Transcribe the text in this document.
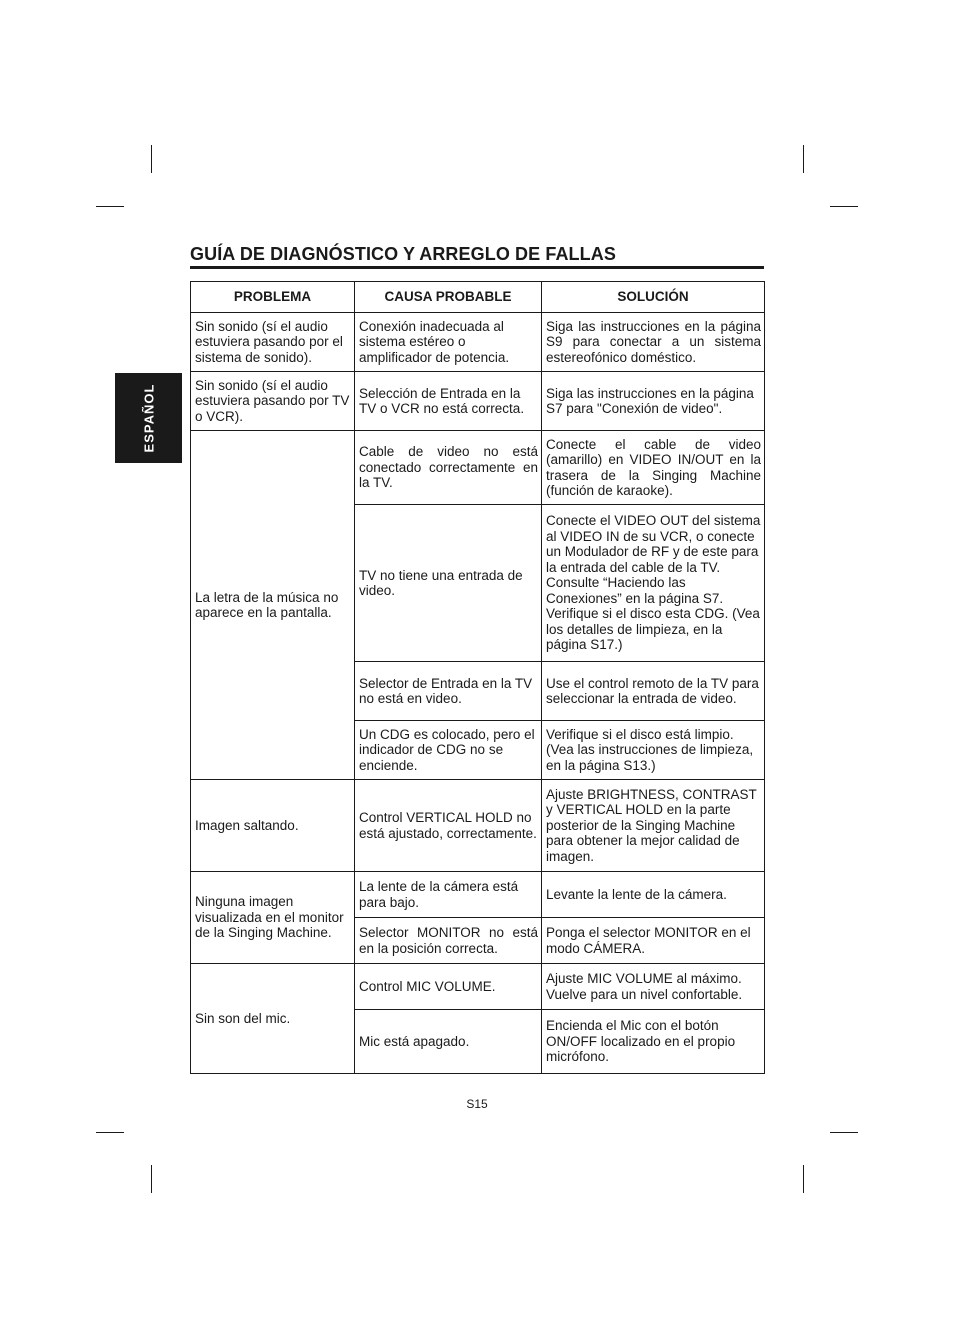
ESPAÑOL
GUÍA DE DIAGNÓSTICO Y ARREGLO DE FALLAS
PROBLEMA	CAUSA PROBABLE	SOLUCIÓN
Sin sonido (sí el audio estuviera pasando por el sistema de sonido).	Conexión inadecuada al sistema estéreo o amplificador de potencia.	Siga las instrucciones en la página S9 para conectar a un sistema estereofónico doméstico.
Sin sonido (sí el audio estuviera pasando por TV o VCR).	Selección de Entrada en la TV o VCR no está correcta.	Siga las instrucciones en la página S7 para "Conexión de video".
La letra de la música no aparece en la pantalla.	Cable de video no está conectado correctamente en la TV.	Conecte el cable de video (amarillo) en VIDEO IN/OUT en la trasera de la Singing Machine (función de karaoke).
	TV no tiene una entrada de video.	Conecte el VIDEO OUT del sistema al VIDEO IN de su VCR, o conecte un Modulador de RF y de este para la entrada del cable de la TV. Consulte “Haciendo las Conexiones” en la página S7. Verifique si el disco esta CDG. (Vea los detalles de limpieza, en la página S17.)
	Selector de Entrada en la TV no está en video.	Use el control remoto de la TV para seleccionar la entrada de video.
	Un CDG es colocado, pero el indicador de CDG no se enciende.	Verifique si el disco está limpio. (Vea las instrucciones de limpieza, en la página S13.)
Imagen saltando.	Control VERTICAL HOLD no está ajustado, correctamente.	Ajuste BRIGHTNESS, CONTRAST y VERTICAL HOLD en la parte posterior de la Singing Machine para obtener la mejor calidad de imagen.
Ninguna imagen visualizada en el monitor de la Singing Machine.	La lente de la cámera está para bajo.	Levante la lente de la cámera.
	Selector MONITOR no está en la posición correcta.	Ponga el selector MONITOR en el modo CÁMERA.
Sin son del mic.	Control MIC VOLUME.	Ajuste MIC VOLUME al máximo. Vuelve para un nivel confortable.
	Mic está apagado.	Encienda el Mic con el botón ON/OFF localizado en el propio micrófono.
S15
